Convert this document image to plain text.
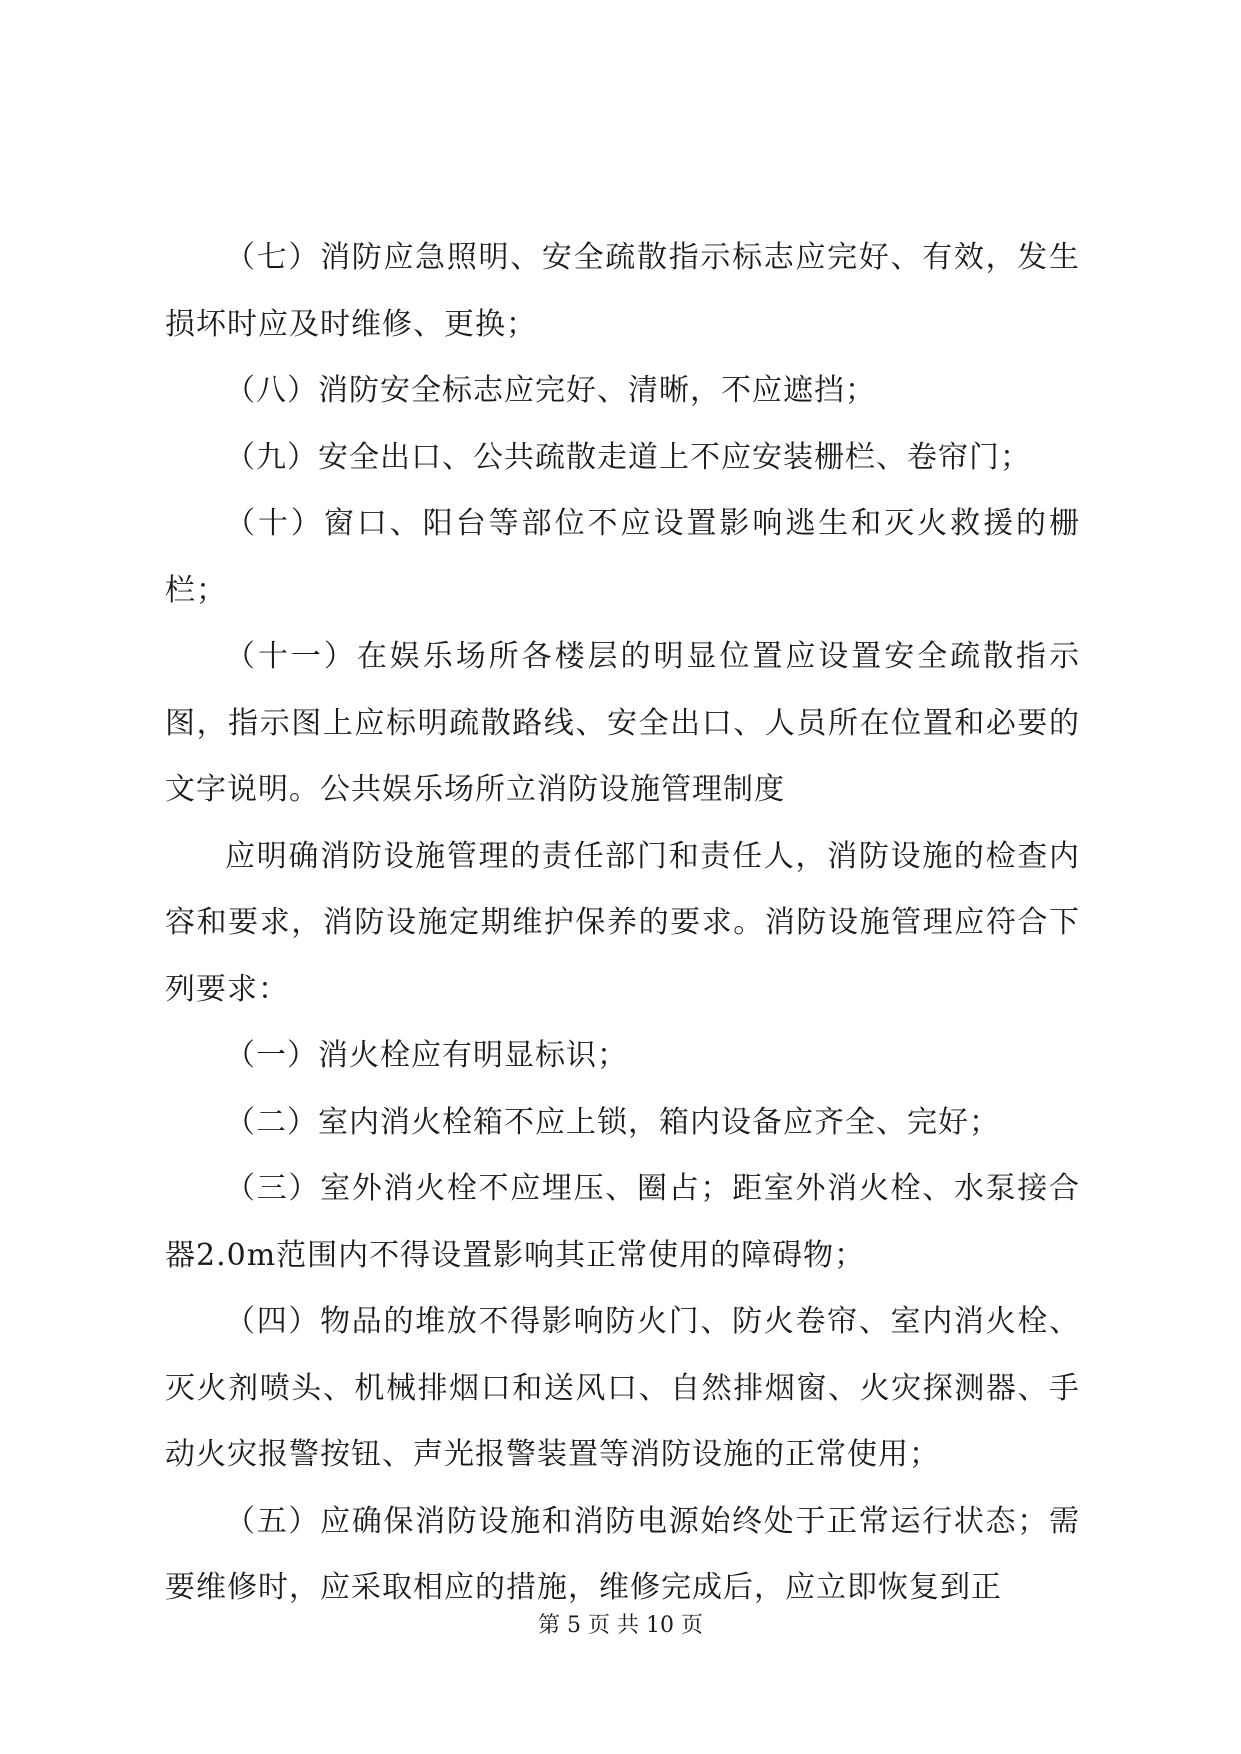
（七）消防应急照明、安全疏散指示标志应完好、有效，发生损坏时应及时维修、更换；

（八）消防安全标志应完好、清晰，不应遮挡；

（九）安全出口、公共疏散走道上不应安装栅栏、卷帘门；

（十）窗口、阳台等部位不应设置影响逃生和灭火救援的栅栏；

（十一）在娱乐场所各楼层的明显位置应设置安全疏散指示图，指示图上应标明疏散路线、安全出口、人员所在位置和必要的文字说明。公共娱乐场所立消防设施管理制度

应明确消防设施管理的责任部门和责任人，消防设施的检查内容和要求，消防设施定期维护保养的要求。消防设施管理应符合下列要求：

（一）消火栓应有明显标识；

（二）室内消火栓箱不应上锁，箱内设备应齐全、完好；

（三）室外消火栓不应埋压、圈占；距室外消火栓、水泵接合器2.0m范围内不得设置影响其正常使用的障碍物；

（四）物品的堆放不得影响防火门、防火卷帘、室内消火栓、灭火剂喷头、机械排烟口和送风口、自然排烟窗、火灾探测器、手动火灾报警按钮、声光报警装置等消防设施的正常使用；

（五）应确保消防设施和消防电源始终处于正常运行状态；需要维修时，应采取相应的措施，维修完成后，应立即恢复到正

第 5 页 共 10 页
